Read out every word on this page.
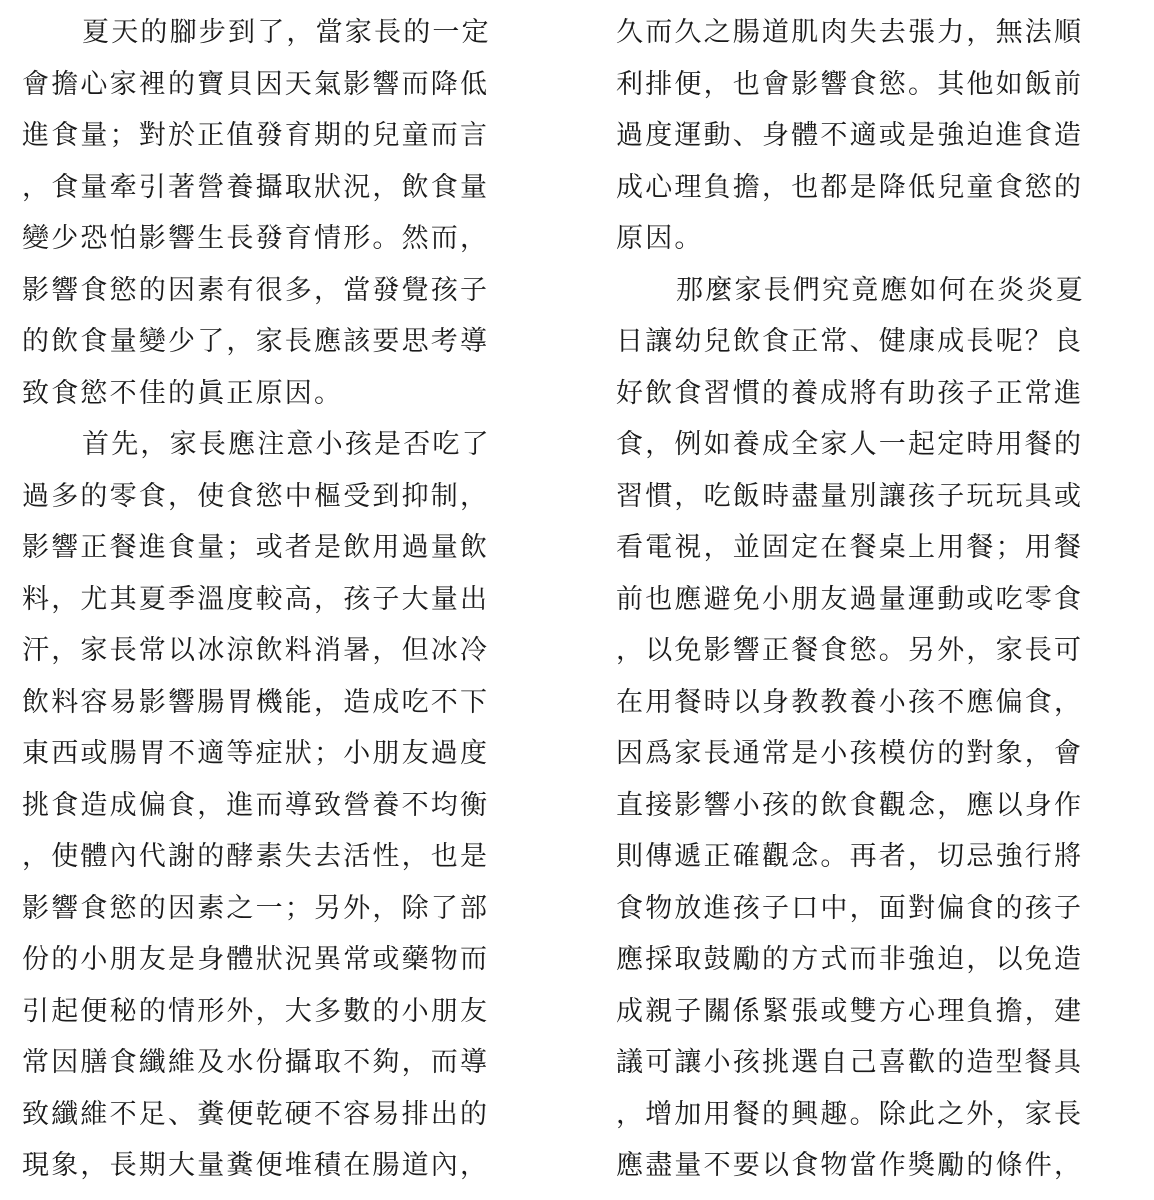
夏天的腳步到了，當家長的一定
會擔心家裡的寶貝因天氣影響而降低
進食量；對於正值發育期的兒童而言
，食量牽引著營養攝取狀況，飲食量
變少恐怕影響生長發育情形。然而，
影響食慾的因素有很多，當發覺孩子
的飲食量變少了，家長應該要思考導
致食慾不佳的眞正原因。
首先，家長應注意小孩是否吃了
過多的零食，使食慾中樞受到抑制，
影響正餐進食量；或者是飲用過量飲
料，尤其夏季溫度較高，孩子大量出
汗，家長常以冰涼飲料消暑，但冰冷
飲料容易影響腸胃機能，造成吃不下
東西或腸胃不適等症狀；小朋友過度
挑食造成偏食，進而導致營養不均衡
，使體內代謝的酵素失去活性，也是
影響食慾的因素之一；另外，除了部
份的小朋友是身體狀況異常或藥物而
引起便秘的情形外，大多數的小朋友
常因膳食纖維及水份攝取不夠，而導
致纖維不足、糞便乾硬不容易排出的
現象，長期大量糞便堆積在腸道內，
久而久之腸道肌肉失去張力，無法順
利排便，也會影響食慾。其他如飯前
過度運動、身體不適或是強迫進食造
成心理負擔，也都是降低兒童食慾的
原因。
那麼家長們究竟應如何在炎炎夏
日讓幼兒飲食正常、健康成長呢？良
好飲食習慣的養成將有助孩子正常進
食，例如養成全家人一起定時用餐的
習慣，吃飯時盡量別讓孩子玩玩具或
看電視，並固定在餐桌上用餐；用餐
前也應避免小朋友過量運動或吃零食
，以免影響正餐食慾。另外，家長可
在用餐時以身教教養小孩不應偏食，
因爲家長通常是小孩模仿的對象，會
直接影響小孩的飲食觀念，應以身作
則傳遞正確觀念。再者，切忌強行將
食物放進孩子口中，面對偏食的孩子
應採取鼓勵的方式而非強迫，以免造
成親子關係緊張或雙方心理負擔，建
議可讓小孩挑選自己喜歡的造型餐具
，增加用餐的興趣。除此之外，家長
應盡量不要以食物當作獎勵的條件，
